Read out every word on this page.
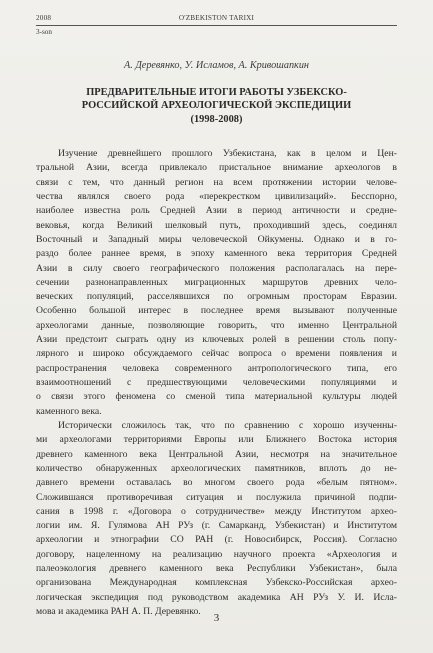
2008	O'ZBEKISTON TARIXI
3-son
А. Деревянко, У. Исламов, А. Кривошапкин
ПРЕДВАРИТЕЛЬНЫЕ ИТОГИ РАБОТЫ УЗБЕКСКО-
РОССИЙСКОЙ АРХЕОЛОГИЧЕСКОЙ ЭКСПЕДИЦИИ
(1998-2008)
Изучение древнейшего прошлого Узбекистана, как в целом и Цен-
тральной Азии, всегда привлекало пристальное внимание археологов в
связи с тем, что данный регион на всем протяжении истории челове-
чества являлся своего рода «перекрестком цивилизаций». Бесспорно,
наиболее известна роль Средней Азии в период античности и средне-
вековья, когда Великий шелковый путь, проходивший здесь, соединял
Восточный и Западный миры человеческой Ойкумены. Однако и в го-
раздо более раннее время, в эпоху каменного века территория Средней
Азии в силу своего географического положения располагалась на пере-
сечении разнонаправленных миграционных маршрутов древних чело-
веческих популяций, расселявшихся по огромным просторам Евразии.
Особенно большой интерес в последнее время вызывают полученные
археологами данные, позволяющие говорить, что именно Центральной
Азии предстоит сыграть одну из ключевых ролей в решении столь попу-
лярного и широко обсуждаемого сейчас вопроса о времени появления и
распространения человека современного антропологического типа, его
взаимоотношений с предшествующими человеческими популяциями и
о связи этого феномена со сменой типа материальной культуры людей
каменного века.
Исторически сложилось так, что по сравнению с хорошо изученны-
ми археологами территориями Европы или Ближнего Востока история
древнего каменного века Центральной Азии, несмотря на значительное
количество обнаруженных археологических памятников, вплоть до не-
давнего времени оставалась во многом своего рода «белым пятном».
Сложившаяся противоречивая ситуация и послужила причиной подпи-
сания в 1998 г. «Договора о сотрудничестве» между Институтом архео-
логии им. Я. Гулямова АН РУз (г. Самарканд, Узбекистан) и Институтом
археологии и этнографии СО РАН (г. Новосибирск, Россия). Согласно
договору, нацеленному на реализацию научного проекта «Археология и
палеоэкология древнего каменного века Республики Узбекистан», была
организована Международная комплексная Узбекско-Российская архео-
логическая экспедиция под руководством академика АН РУз У. И. Исла-
мова и академика РАН А. П. Деревянко.
3
